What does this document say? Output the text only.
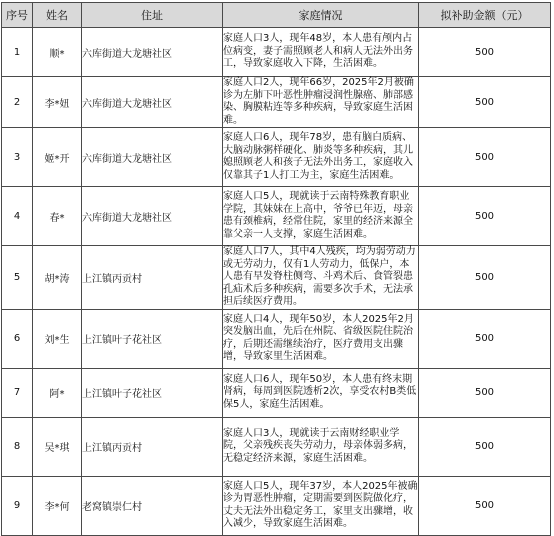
序号	姓名	住址	家庭情况	拟补助金额（元）
1	顺*	六库街道大龙塘社区	家庭人口3人，现年48岁，本人患有颅内占位病变，妻子需照顾老人和病人无法外出务工，导致家庭收入下降，生活困难。	500
2	李*妞	六库街道大龙塘社区	家庭人口2人，现年66岁，2025年2月被确诊为左肺下叶恶性肿瘤浸润性腺癌、肺部感染、胸膜粘连等多种疾病，导致家庭生活困难。	500
3	姬*开	六库街道大龙塘社区	家庭人口6人，现年78岁，患有脑白质病、大脑动脉粥样硬化、肺炎等多种疾病，其儿媳照顾老人和孩子无法外出务工，家庭收入仅靠其子1人打工为主，家庭生活困难。	500
4	春*	六库街道大龙塘社区	家庭人口5人，现就读于云南特殊教育职业学院，其妹妹在上高中，爷爷已年迈，母亲患有颈椎病，经常住院，家里的经济来源全靠父亲一人支撑，家庭生活困难。	500
5	胡*涛	上江镇丙贡村	家庭人口7人，其中4人残疾，均为弱劳动力或无劳动力，仅有1人劳动力，低保户，本人患有早发脊柱侧弯、斗鸡术后、食管裂患孔疝术后多种疾病，需要多次手术，无法承担后续医疗费用。	500
6	刘*生	上江镇叶子花社区	家庭人口4人，现年50岁，本人2025年2月突发脑出血，先后在州院、省级医院住院治疗，后期还需继续治疗，医疗费用支出骤增，导致家里生活困难。	500
7	阿*	上江镇叶子花社区	家庭人口6人，现年50岁，本人患有终末期肾病，每周到医院透析2次，享受农村B类低保5人，家庭生活困难。	500
8	吴*琪	上江镇丙贡村	家庭人口3人，现就读于云南财经职业学院，父亲残疾丧失劳动力，母亲体弱多病，无稳定经济来源，家庭生活困难。	500
9	李*何	老窝镇崇仁村	家庭人口5人，现年37岁，本人2025年被确诊为胃恶性肿瘤，定期需要到医院做化疗，丈夫无法外出稳定务工，家里支出骤增，收入减少，导致家庭生活困难。	500
